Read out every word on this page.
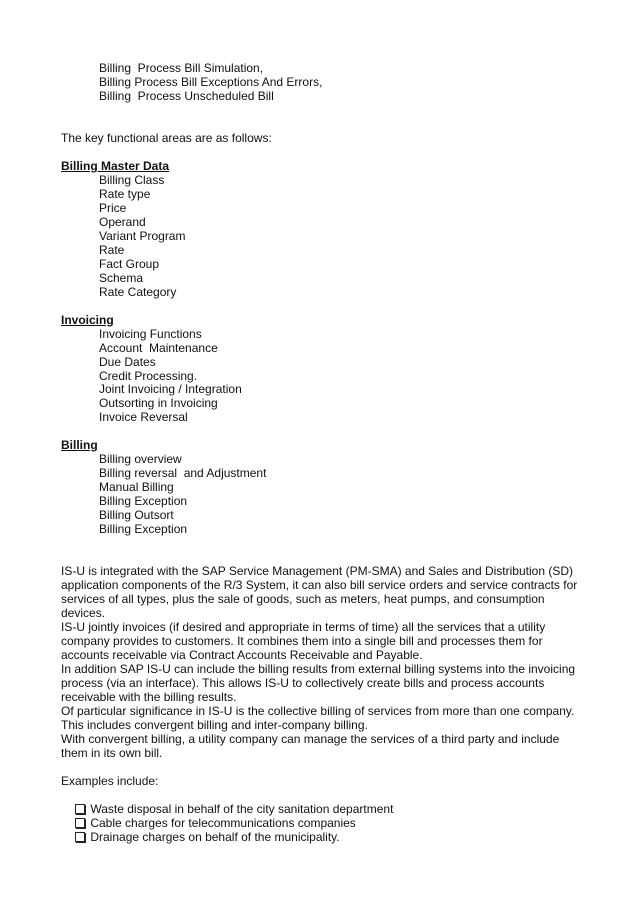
Billing  Process Bill Simulation,
Billing Process Bill Exceptions And Errors,
Billing  Process Unscheduled Bill
The key functional areas are as follows:
Billing Master Data
Billing Class
Rate type
Price
Operand
Variant Program
Rate
Fact Group
Schema
Rate Category
Invoicing
Invoicing Functions
Account  Maintenance
Due Dates
Credit Processing.
Joint Invoicing / Integration
Outsorting in Invoicing
Invoice Reversal
Billing
Billing overview
Billing reversal  and Adjustment
Manual Billing
Billing Exception
Billing Outsort
Billing Exception
IS-U is integrated with the SAP Service Management (PM-SMA) and Sales and Distribution (SD)
application components of the R/3 System, it can also bill service orders and service contracts for
services of all types, plus the sale of goods, such as meters, heat pumps, and consumption
devices.
IS-U jointly invoices (if desired and appropriate in terms of time) all the services that a utility
company provides to customers. It combines them into a single bill and processes them for
accounts receivable via Contract Accounts Receivable and Payable.
In addition SAP IS-U can include the billing results from external billing systems into the invoicing
process (via an interface). This allows IS-U to collectively create bills and process accounts
receivable with the billing results.
Of particular significance in IS-U is the collective billing of services from more than one company.
This includes convergent billing and inter-company billing.
With convergent billing, a utility company can manage the services of a third party and include
them in its own bill.
Examples include:

Waste disposal in behalf of the city sanitation department

Cable charges for telecommunications companies

Drainage charges on behalf of the municipality.
